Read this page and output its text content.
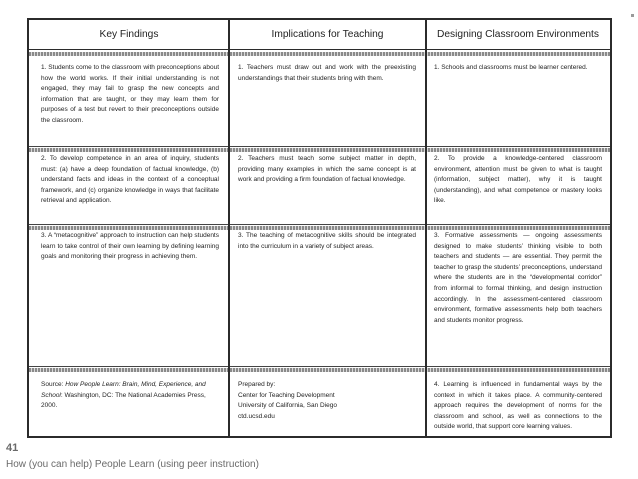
Key Findings	Implications for Teaching	Designing Classroom Environments
1. Students come to the classroom with preconceptions about how the world works. If their initial understanding is not engaged, they may fail to grasp the new concepts and information that are taught, or they may learn them for purposes of a test but revert to their preconceptions outside the classroom.
1. Teachers must draw out and work with the preexisting understandings that their students bring with them.
1. Schools and classrooms must be learner centered.
2. To develop competence in an area of inquiry, students must: (a) have a deep foundation of factual knowledge, (b) understand facts and ideas in the context of a conceptual framework, and (c) organize knowledge in ways that facilitate retrieval and application.
2. Teachers must teach some subject matter in depth, providing many examples in which the same concept is at work and providing a firm foundation of factual knowledge.
2. To provide a knowledge-centered classroom environment, attention must be given to what is taught (information, subject matter), why it is taught (understanding), and what competence or mastery looks like.
3. A “metacognitive” approach to instruction can help students learn to take control of their own learning by defining learning goals and monitoring their progress in achieving them.
3. The teaching of metacognitive skills should be integrated into the curriculum in a variety of subject areas.
3. Formative assessments — ongoing assessments designed to make students’ thinking visible to both teachers and students — are essential. They permit the teacher to grasp the students’ preconceptions, understand where the students are in the “developmental corridor” from informal to formal thinking, and design instruction accordingly. In the assessment-centered classroom environment, formative assessments help both teachers and students monitor progress.
Source: How People Learn: Brain, Mind, Experience, and School: Washington, DC: The National Academies Press, 2000.

Prepared by:

Center for Teaching Development

University of California, San Diego

ctd.ucsd.edu

4. Learning is influenced in fundamental ways by the context in which it takes place. A community-centered approach requires the development of norms for the classroom and school, as well as connections to the outside world, that support core learning values.
41
How (you can help) People Learn (using peer instruction)
